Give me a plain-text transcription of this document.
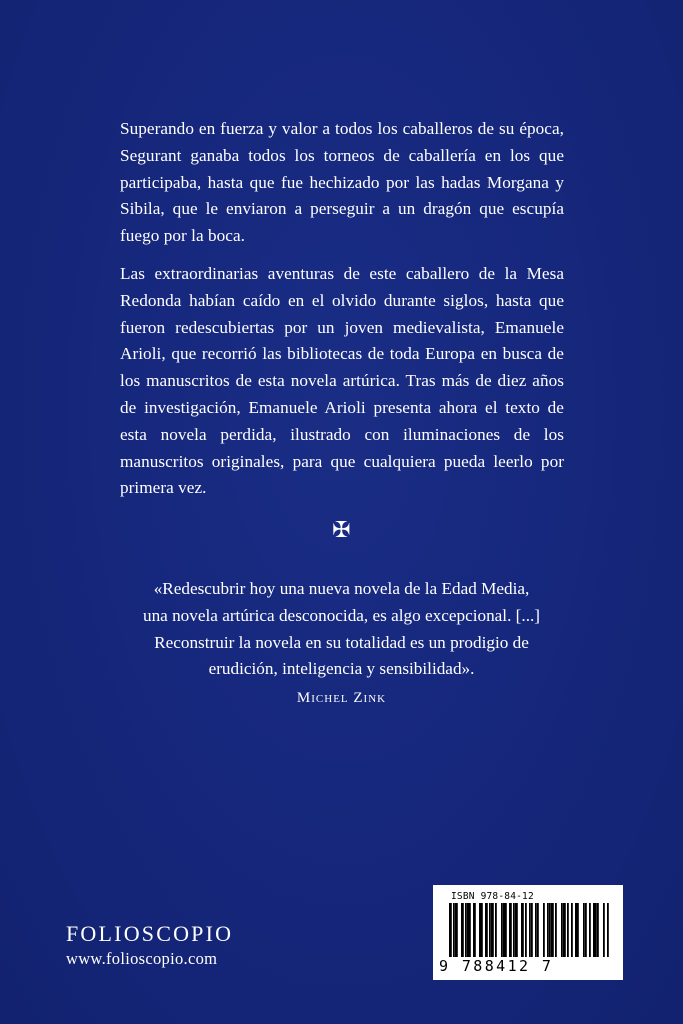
Superando en fuerza y valor a todos los caballeros de su época, Segurant ganaba todos los torneos de caballería en los que participaba, hasta que fue hechizado por las hadas Morgana y Sibila, que le enviaron a perseguir a un dragón que escupía fuego por la boca.

Las extraordinarias aventuras de este caballero de la Mesa Redonda habían caído en el olvido durante siglos, hasta que fueron redescubiertas por un joven medievalista, Emanuele Arioli, que recorrió las bibliotecas de toda Europa en busca de los manuscritos de esta novela artúrica. Tras más de diez años de investigación, Emanuele Arioli presenta ahora el texto de esta novela perdida, ilustrado con iluminaciones de los manuscritos originales, para que cualquiera pueda leerlo por primera vez.

✠
«Redescubrir hoy una nueva novela de la Edad Media,
una novela artúrica desconocida, es algo excepcional. [...]
Reconstruir la novela en su totalidad es un prodigio de
erudición, inteligencia y sensibilidad».
Michel Zink
FOLIOSCOPIO
www.folioscopio.com
ISBN 978-84-12
9 788412 7
